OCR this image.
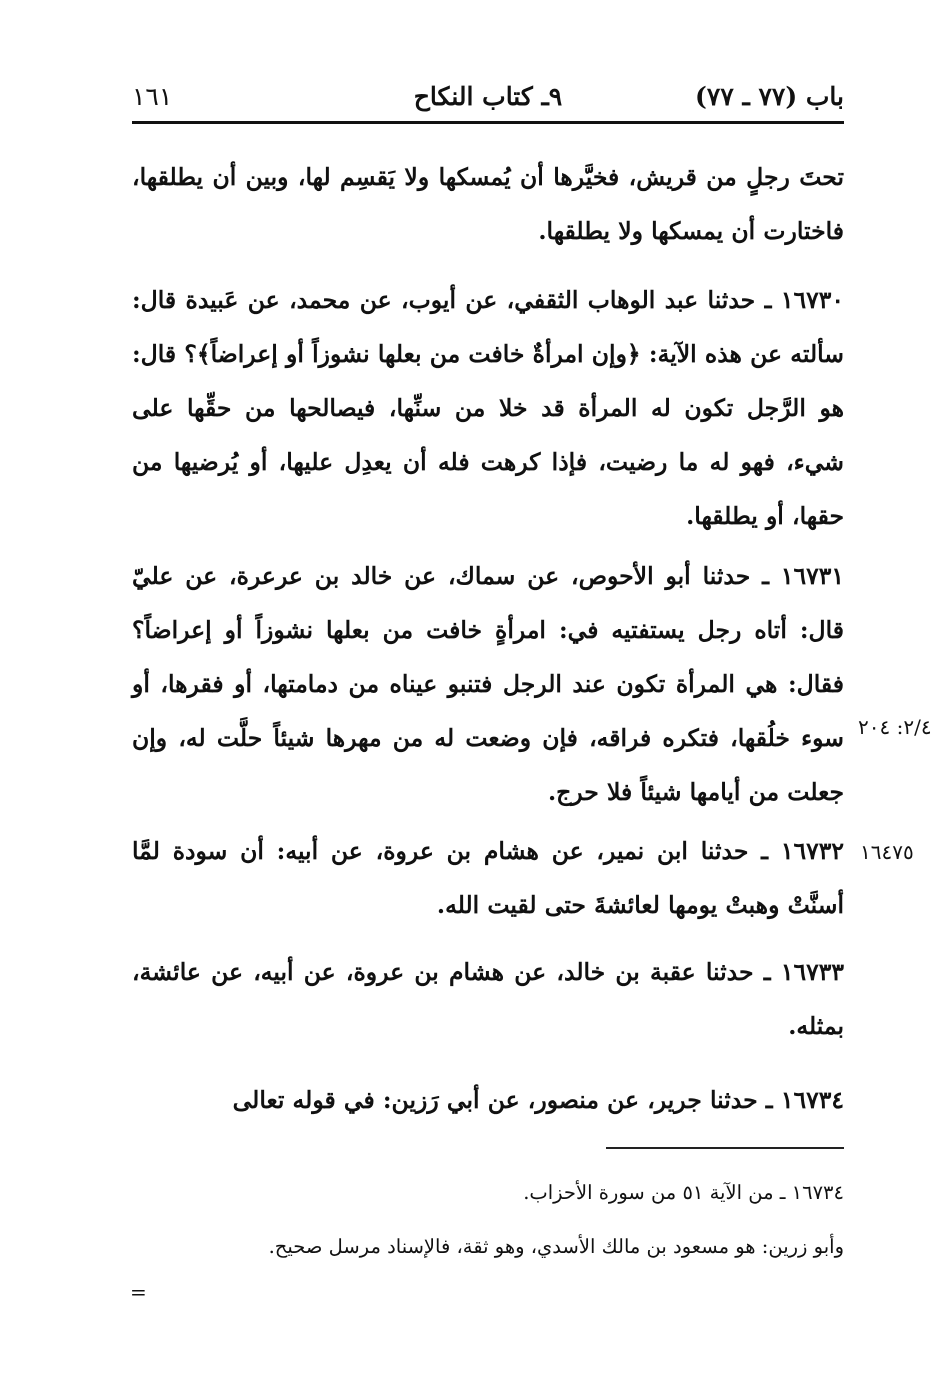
باب (٧٧ ـ ٧٧)
٩ـ كتاب النكاح
١٦١
تحتَ رجلٍ من قريش، فخيَّرها أن يُمسكها ولا يَقسِم لها، وبين أن يطلقها، فاختارت أن يمسكها ولا يطلقها.
١٦٧٣٠ ـ حدثنا عبد الوهاب الثقفي، عن أيوب، عن محمد، عن عَبيدة قال: سألته عن هذه الآية: ﴿وإن امرأةٌ خافت من بعلها نشوزاً أو إعراضاً﴾؟ قال: هو الرَّجل تكون له المرأة قد خلا من سنِّها، فيصالحها من حقِّها على شيء، فهو له ما رضيت، فإذا كرهت فله أن يعدِل عليها، أو يُرضيها من حقها، أو يطلقها.
١٦٧٣١ ـ حدثنا أبو الأحوص، عن سماك، عن خالد بن عرعرة، عن عليّ قال: أتاه رجل يستفتيه في: امرأةٍ خافت من بعلها نشوزاً أو إعراضاً؟ فقال: هي المرأة تكون عند الرجل فتنبو عيناه من دمامتها، أو فقرها، أو سوء خلُقها، فتكره فراقه، فإن وضعت له من مهرها شيئاً حلَّت له، وإن جعلت من أيامها شيئاً فلا حرج.
١٦٧٣٢ ـ حدثنا ابن نمير، عن هشام بن عروة، عن أبيه: أن سودة لمَّا أسنَّتْ وهبتْ يومها لعائشةَ حتى لقيت الله.
١٦٧٣٣ ـ حدثنا عقبة بن خالد، عن هشام بن عروة، عن أبيه، عن عائشة، بمثله.
١٦٧٣٤ ـ حدثنا جرير، عن منصور، عن أبي رَزين: في قوله تعالى
٢/٤: ٢٠٤
١٦٤٧٥
١٦٧٣٤ ـ من الآية ٥١ من سورة الأحزاب.
وأبو زرين: هو مسعود بن مالك الأسدي، وهو ثقة، فالإسناد مرسل صحيح.
=
